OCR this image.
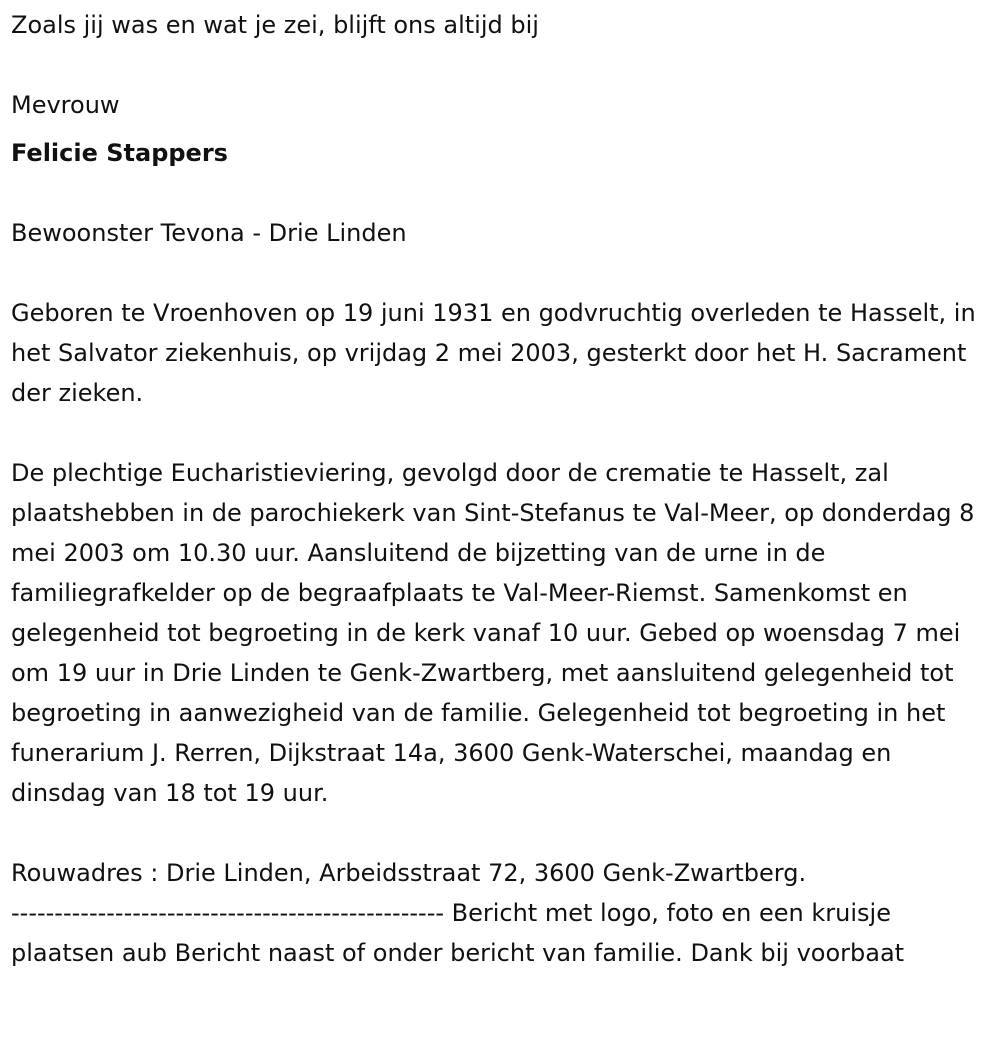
Zoals jij was en wat je zei, blijft ons altijd bij

Mevrouw

Felicie Stappers

Bewoonster Tevona - Drie Linden

Geboren te Vroenhoven op 19 juni 1931 en godvruchtig overleden te Hasselt, in het Salvator ziekenhuis, op vrijdag 2 mei 2003, gesterkt door het H. Sacrament der zieken.

De plechtige Eucharistieviering, gevolgd door de crematie te Hasselt, zal plaatshebben in de parochiekerk van Sint-Stefanus te Val-Meer, op donderdag 8 mei 2003 om 10.30 uur. Aansluitend de bijzetting van de urne in de familiegrafkelder op de begraafplaats te Val-Meer-Riemst. Samenkomst en gelegenheid tot begroeting in de kerk vanaf 10 uur. Gebed op woensdag 7 mei om 19 uur in Drie Linden te Genk-Zwartberg, met aansluitend gelegenheid tot begroeting in aanwezigheid van de familie. Gelegenheid tot begroeting in het funerarium J. Rerren, Dijkstraat 14a, 3600 Genk-Waterschei, maandag en dinsdag van 18 tot 19 uur.

Rouwadres : Drie Linden, Arbeidsstraat 72, 3600 Genk-Zwartberg.

-------------------------------------------------- Bericht met logo, foto en een kruisje plaatsen aub Bericht naast of onder bericht van familie. Dank bij voorbaat
